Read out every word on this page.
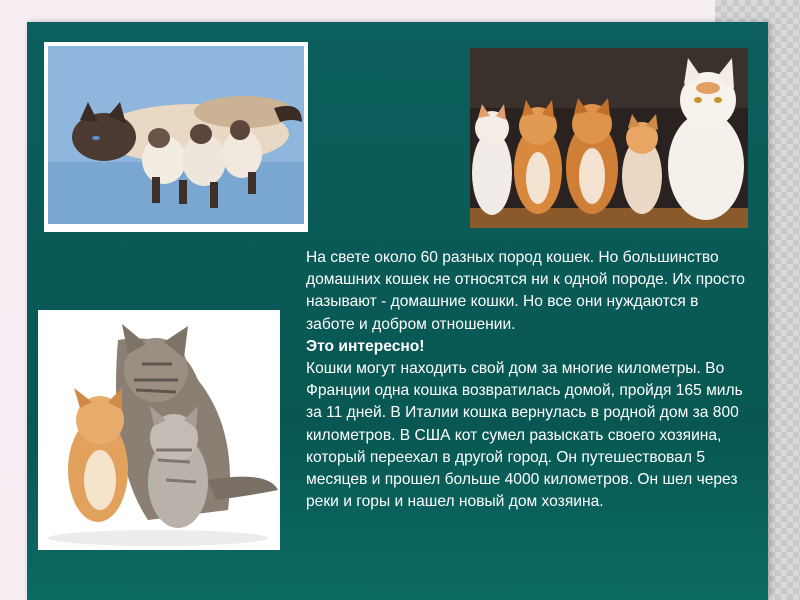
На свете около 60 разных пород кошек. Но большинство домашних кошек не относятся ни к одной породе. Их просто называют - домашние кошки. Но все они нуждаются в заботе и добром отношении.

Это интересно!

Кошки могут находить свой дом за многие километры. Во Франции одна кошка возвратилась домой, пройдя 165 миль за 11 дней. В Италии кошка вернулась в родной дом за 800 километров. В США кот сумел разыскать своего хозяина, который переехал в другой город. Он путешествовал 5 месяцев и прошел больше 4000 километров. Он шел через реки и горы и нашел новый дом хозяина.
